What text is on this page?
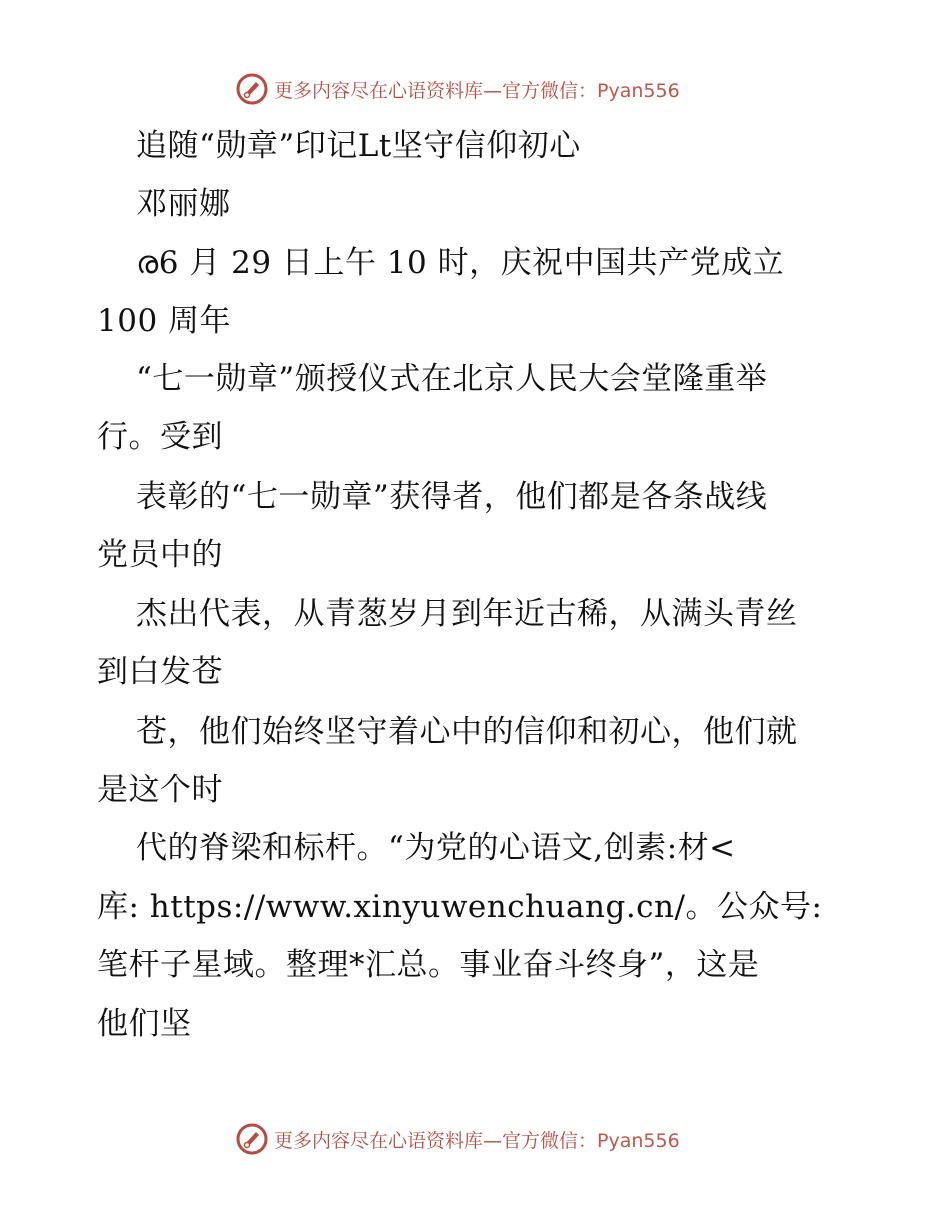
更多内容尽在心语资料库—官方微信：Pyan556
追随“勋章”印记Lt坚守信仰初心
邓丽娜
ര6 月 29 日上午 10 时，庆祝中国共产党成立
100 周年
“七一勋章”颁授仪式在北京人民大会堂隆重举
行。受到
表彰的“七一勋章”获得者，他们都是各条战线
党员中的
杰出代表，从青葱岁月到年近古稀，从满头青丝
到白发苍
苍，他们始终坚守着心中的信仰和初心，他们就
是这个时
代的脊梁和标杆。“为党的心语文,创素:材<
库: https://www.xinyuwenchuang.cn/。公众号:
笔杆子星域。整理*汇总。事业奋斗终身”，这是
他们坚
更多内容尽在心语资料库—官方微信：Pyan556
